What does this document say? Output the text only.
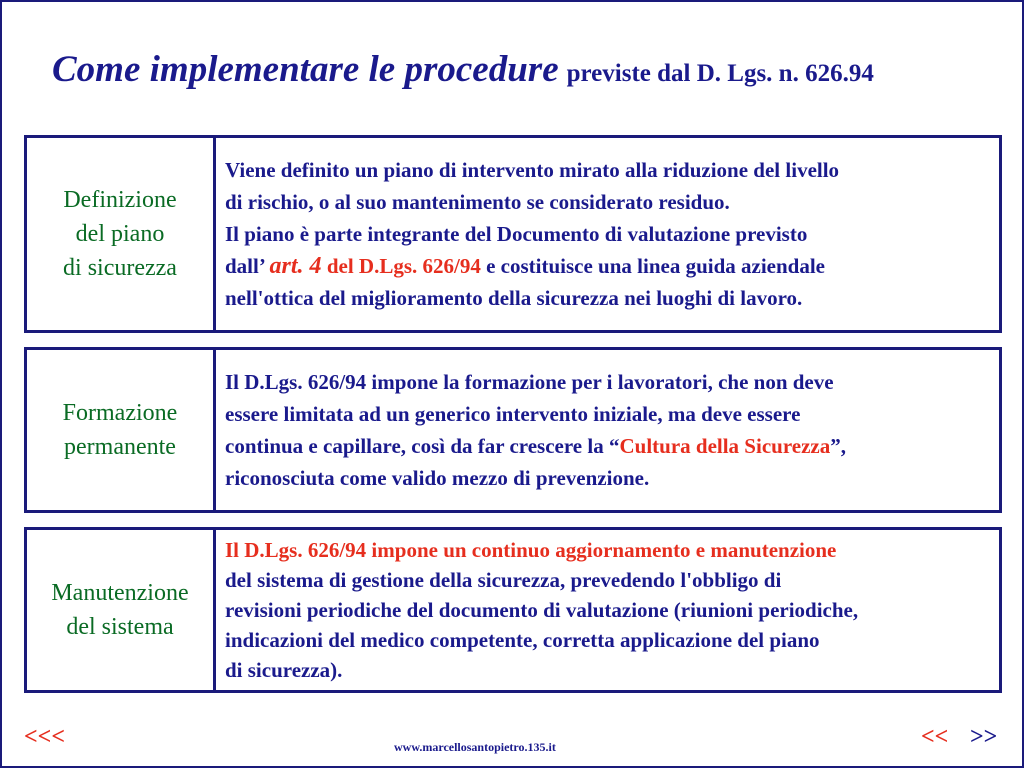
Come implementare le procedure previste dal D. Lgs. n. 626.94
Definizione
del piano
di sicurezza
Viene definito un piano di intervento mirato alla riduzione del livello
di rischio, o al suo mantenimento se considerato residuo.
Il piano è parte integrante del Documento di valutazione previsto
dall’ art. 4 del D.Lgs. 626/94 e costituisce una linea guida aziendale
nell'ottica del miglioramento della sicurezza nei luoghi di lavoro.
Formazione
permanente
Il D.Lgs. 626/94 impone la formazione per i lavoratori, che non deve
essere limitata ad un generico intervento iniziale, ma deve essere
continua e capillare, così da far crescere la “Cultura della Sicurezza”,
riconosciuta come valido mezzo di prevenzione.
Manutenzione
del sistema
Il D.Lgs. 626/94 impone un continuo aggiornamento e manutenzione
del sistema di gestione della sicurezza, prevedendo l'obbligo di
revisioni periodiche del documento di valutazione (riunioni periodiche,
indicazioni del medico competente, corretta applicazione del piano
di sicurezza).
<<<	www.marcellosantopietro.135.it	<< >>
